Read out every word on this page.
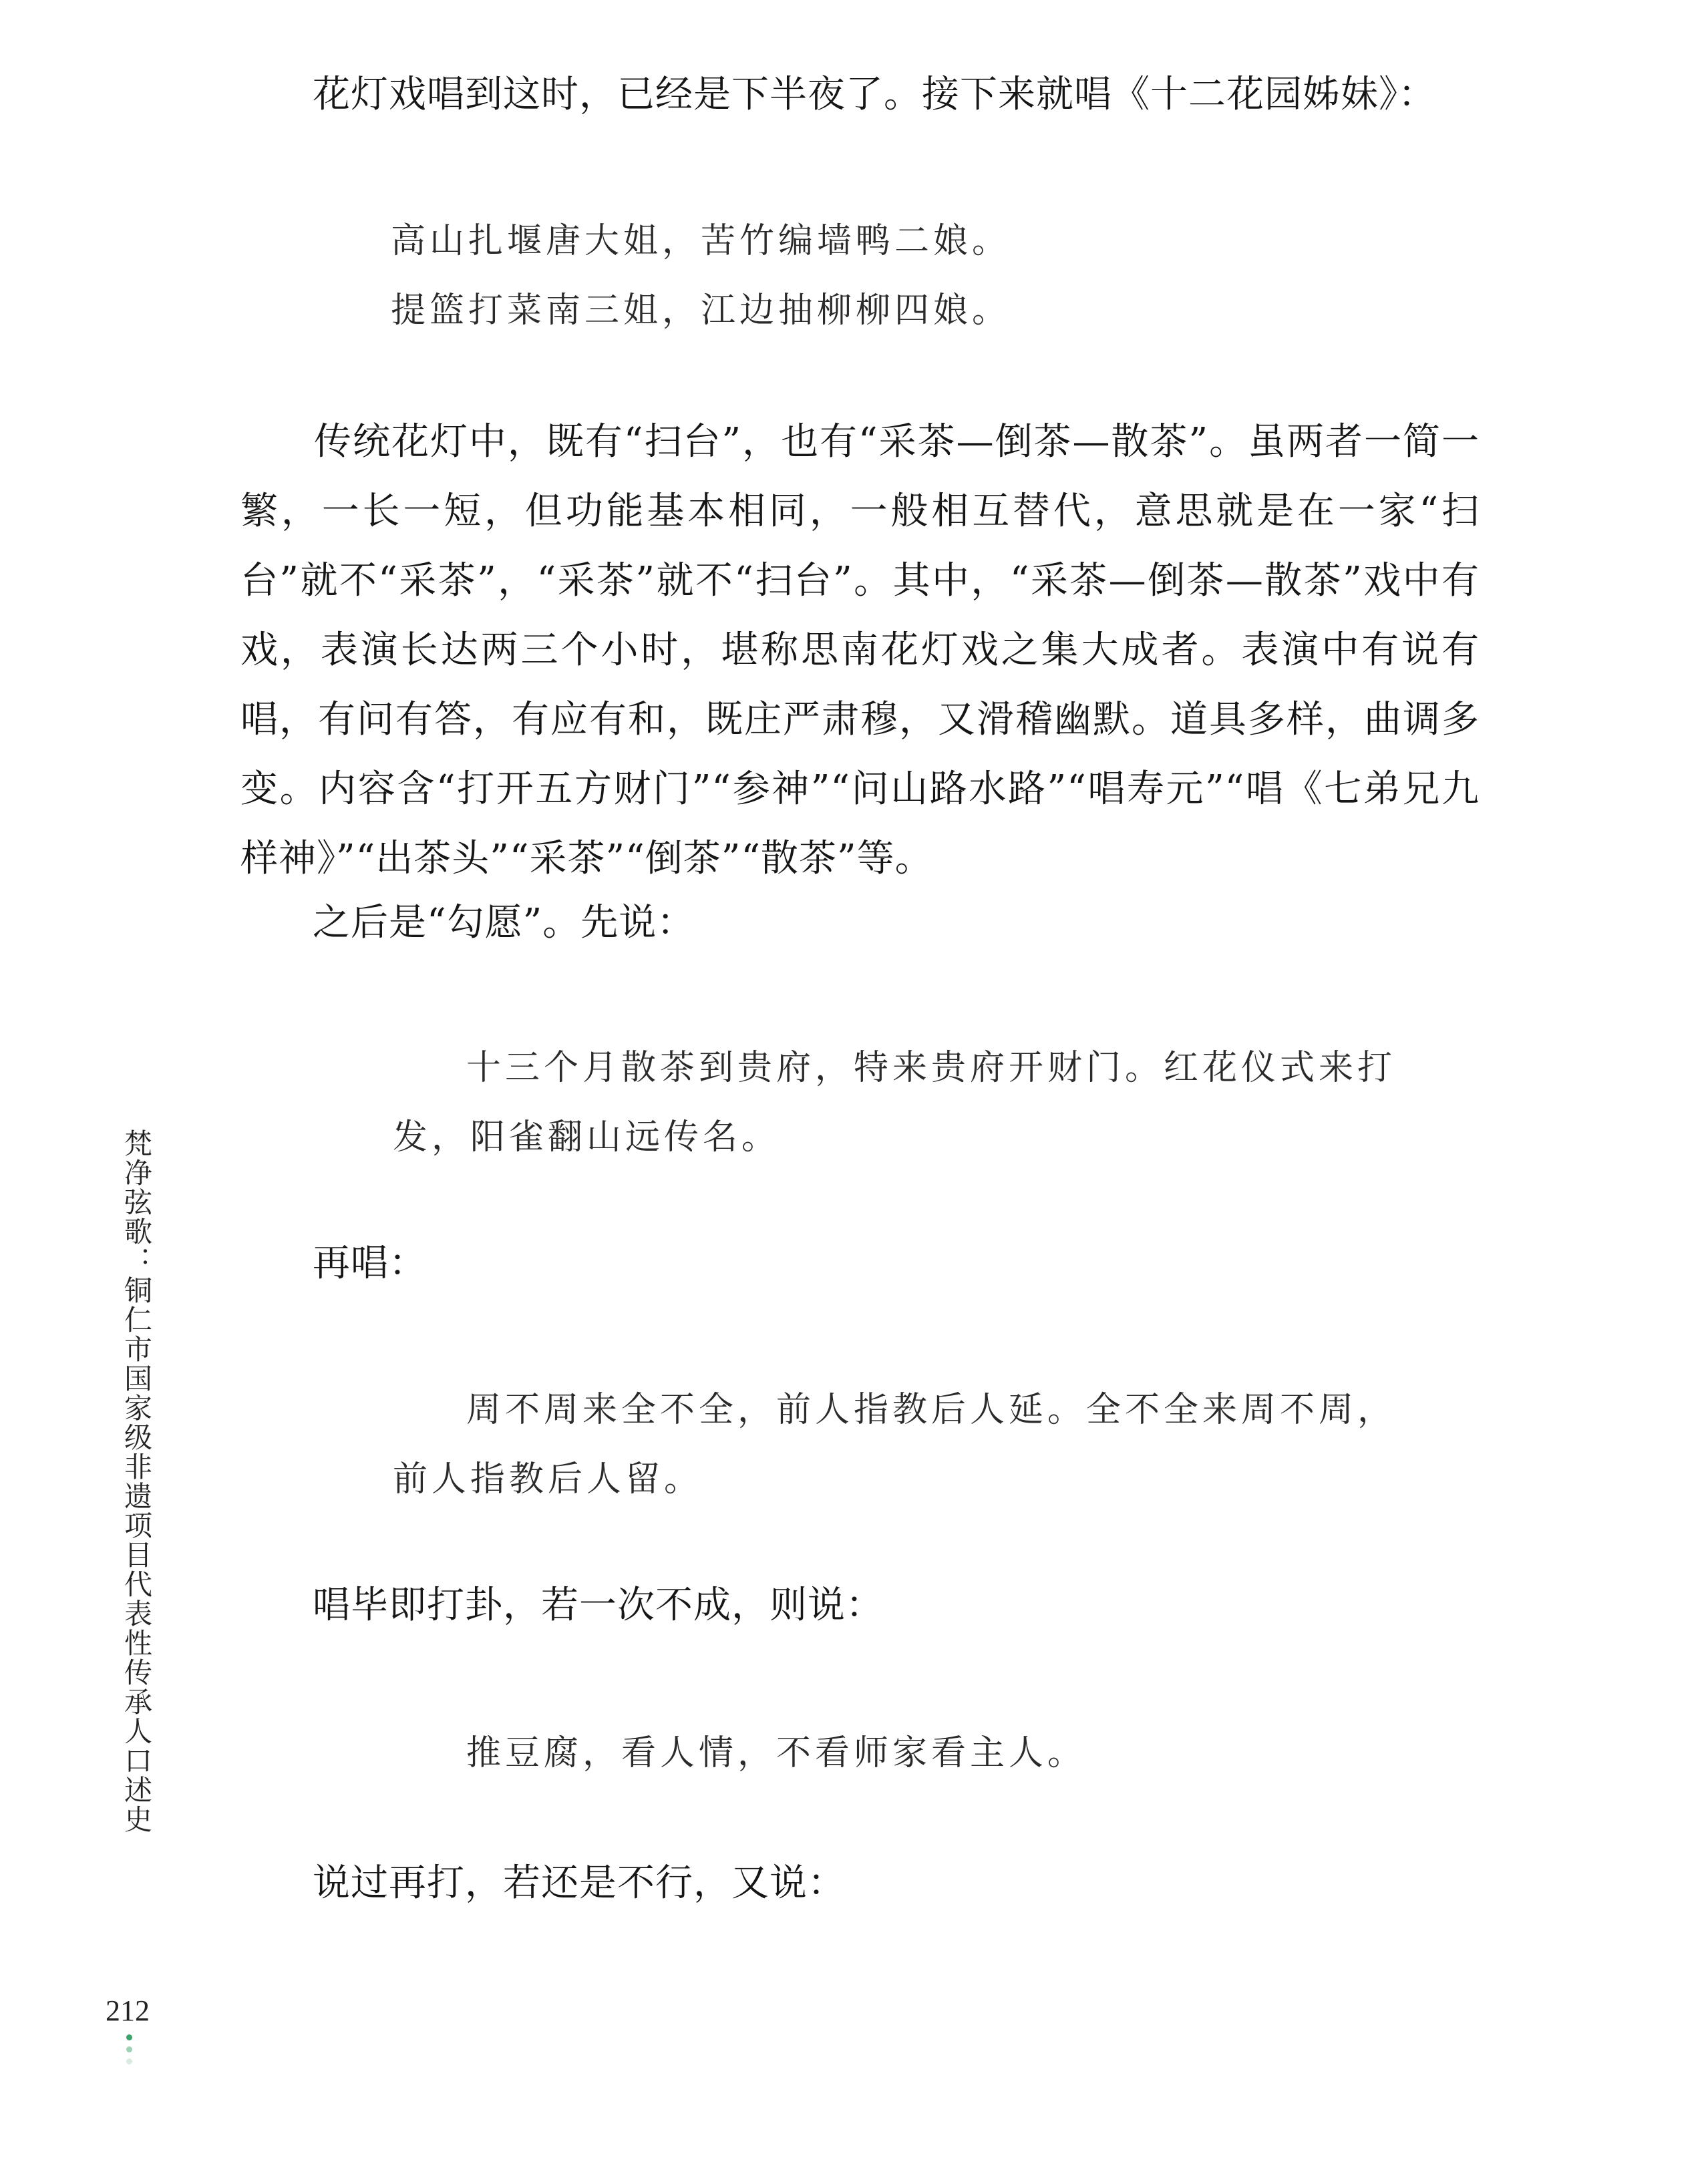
花灯戏唱到这时，已经是下半夜了。接下来就唱《十二花园姊妹》：
高山扎堰唐大姐，苦竹编墙鸭二娘。
提篮打菜南三姐，江边抽柳柳四娘。
传统花灯中，既有“扫台”，也有“采茶—倒茶—散茶”。虽两者一简一繁，一长一短，但功能基本相同，一般相互替代，意思就是在一家“扫台”就不“采茶”，“采茶”就不“扫台”。其中，“采茶—倒茶—散茶”戏中有戏，表演长达两三个小时，堪称思南花灯戏之集大成者。表演中有说有唱，有问有答，有应有和，既庄严肃穆，又滑稽幽默。道具多样，曲调多变。内容含“打开五方财门”“参神”“问山路水路”“唱寿元”“唱《七弟兄九样神》”“出茶头”“采茶”“倒茶”“散茶”等。
之后是“勾愿”。先说：
十三个月散茶到贵府，特来贵府开财门。红花仪式来打
发，阳雀翻山远传名。
再唱：
周不周来全不全，前人指教后人延。全不全来周不周，
前人指教后人留。
唱毕即打卦，若一次不成，则说：
推豆腐，看人情，不看师家看主人。
说过再打，若还是不行，又说：
梵净弦歌：铜仁市国家级非遗项目代表性传承人口述史
212
